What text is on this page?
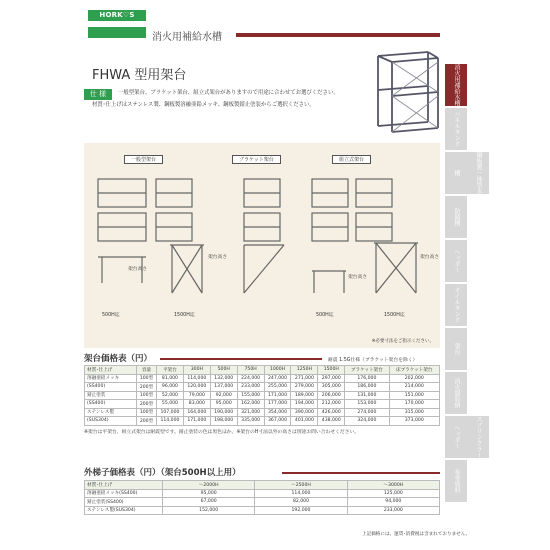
HORK♡S
消火用補給水槽
消火用補給水槽
パネルタンク
鋼板製一体型水槽
防錆槽
ヘッダー
オイルタンク
架台
消火器収納
スプリンクラーヘッダー
参考資料
FHWA 型用架台
仕 様	一般型架台、ブラケット架台、組立式架台がありますので用途に合わせてお選びください。

材質･仕上げはステンレス製、鋼板製溶融亜鉛メッキ、鋼板製錆止塗装からご選択ください。

一般型架台	ブラケット架台	組立式架台
500H迄	1500H迄	500H迄	1500H迄
架台高さ
架台高さ
架台高さ
架台高さ
※必要寸法をご指示ください。
架台価格表（円）	耐震 1.5G仕様（ブラケット架台を除く）
材質･仕上げ	容量	平架台	300H	500H	750H	1000H	1250H	1500H	ブラケット架台	床ブラケット架台
溶融亜鉛メッキ	100型	81,000	114,000	132,000	224,000	247,000	271,000	297,000	176,000	202,000
(SS400)	200型	96,000	120,000	137,000	233,000	255,000	279,000	305,000	186,000	214,000
錆止塗装	100型	52,000	79,000	92,000	155,000	171,000	189,000	206,000	131,000	151,000
(SS400)	200型	55,000	83,000	95,000	162,000	177,000	194,000	212,000	153,000	170,000
ステンレス製	100型	107,000	164,000	190,000	321,000	354,000	390,000	426,000	274,000	315,000
(SUS304)	200型	114,000	171,000	198,000	335,000	367,000	401,000	438,000	324,000	373,000
※架台は平架台、組立式架台は耐震型です。錆止塗装の色は黒色ほか。※架台のH寸法以外の高さは別途お問い合わせください。
外梯子価格表（円）（架台500H以上用）
材質･仕上げ	〜2000H	〜2500H	〜3000H
溶融亜鉛メッキ(SS400)	95,000	114,000	125,000
錆止塗装(SS400)	67,000	82,000	94,000
ステンレス製(SUS304)	152,000	192,000	233,000
上記価格には、運賃･消費税は含まれておりません。
